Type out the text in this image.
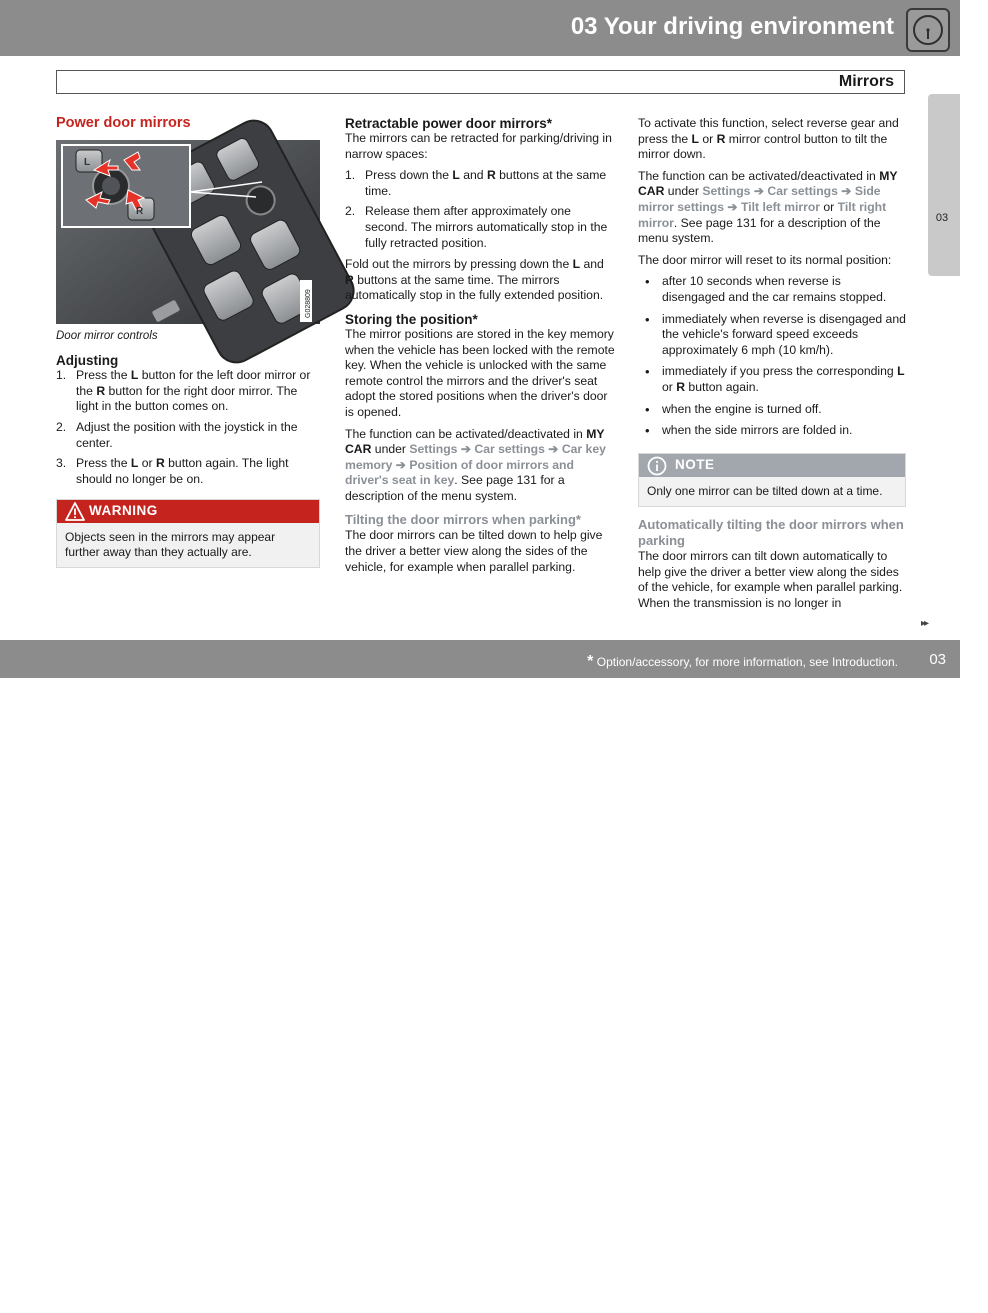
03 Your driving environment
Mirrors
03
Power door mirrors
L
R
G028809
Door mirror controls
Adjusting
1. Press the L button for the left door mirror or the R button for the right door mirror. The light in the button comes on.
2. Adjust the position with the joystick in the center.
3. Press the L or R button again. The light should no longer be on.
WARNING
Objects seen in the mirrors may appear further away than they actually are.
Retractable power door mirrors*

The mirrors can be retracted for parking/driving in narrow spaces:

1. Press down the L and R buttons at the same time.
2. Release them after approximately one second. The mirrors automatically stop in the fully retracted position.

Fold out the mirrors by pressing down the L and R buttons at the same time. The mirrors automatically stop in the fully extended position.

Storing the position*

The mirror positions are stored in the key memory when the vehicle has been locked with the remote key. When the vehicle is unlocked with the same remote control the mirrors and the driver's seat adopt the stored positions when the driver's door is opened.

The function can be activated/deactivated in MY CAR under Settings ➔ Car settings ➔ Car key memory ➔ Position of door mirrors and driver's seat in key. See page 131 for a description of the menu system.

Tilting the door mirrors when parking*

The door mirrors can be tilted down to help give the driver a better view along the sides of the vehicle, for example when parallel parking.

To activate this function, select reverse gear and press the L or R mirror control button to tilt the mirror down.

The function can be activated/deactivated in MY CAR under Settings ➔ Car settings ➔ Side mirror settings ➔ Tilt left mirror or Tilt right mirror. See page 131 for a description of the menu system.

The door mirror will reset to its normal position:

• after 10 seconds when reverse is disengaged and the car remains stopped.
• immediately when reverse is disengaged and the vehicle's forward speed exceeds approximately 6 mph (10 km/h).
• immediately if you press the corresponding L or R button again.
• when the engine is turned off.
• when the side mirrors are folded in.
NOTE
Only one mirror can be tilted down at a time.
Automatically tilting the door mirrors when parking

The door mirrors can tilt down automatically to help give the driver a better view along the sides of the vehicle, for example when parallel parking. When the transmission is no longer in

▸▸
carmanualsonline.info
* Option/accessory, for more information, see Introduction. 03
